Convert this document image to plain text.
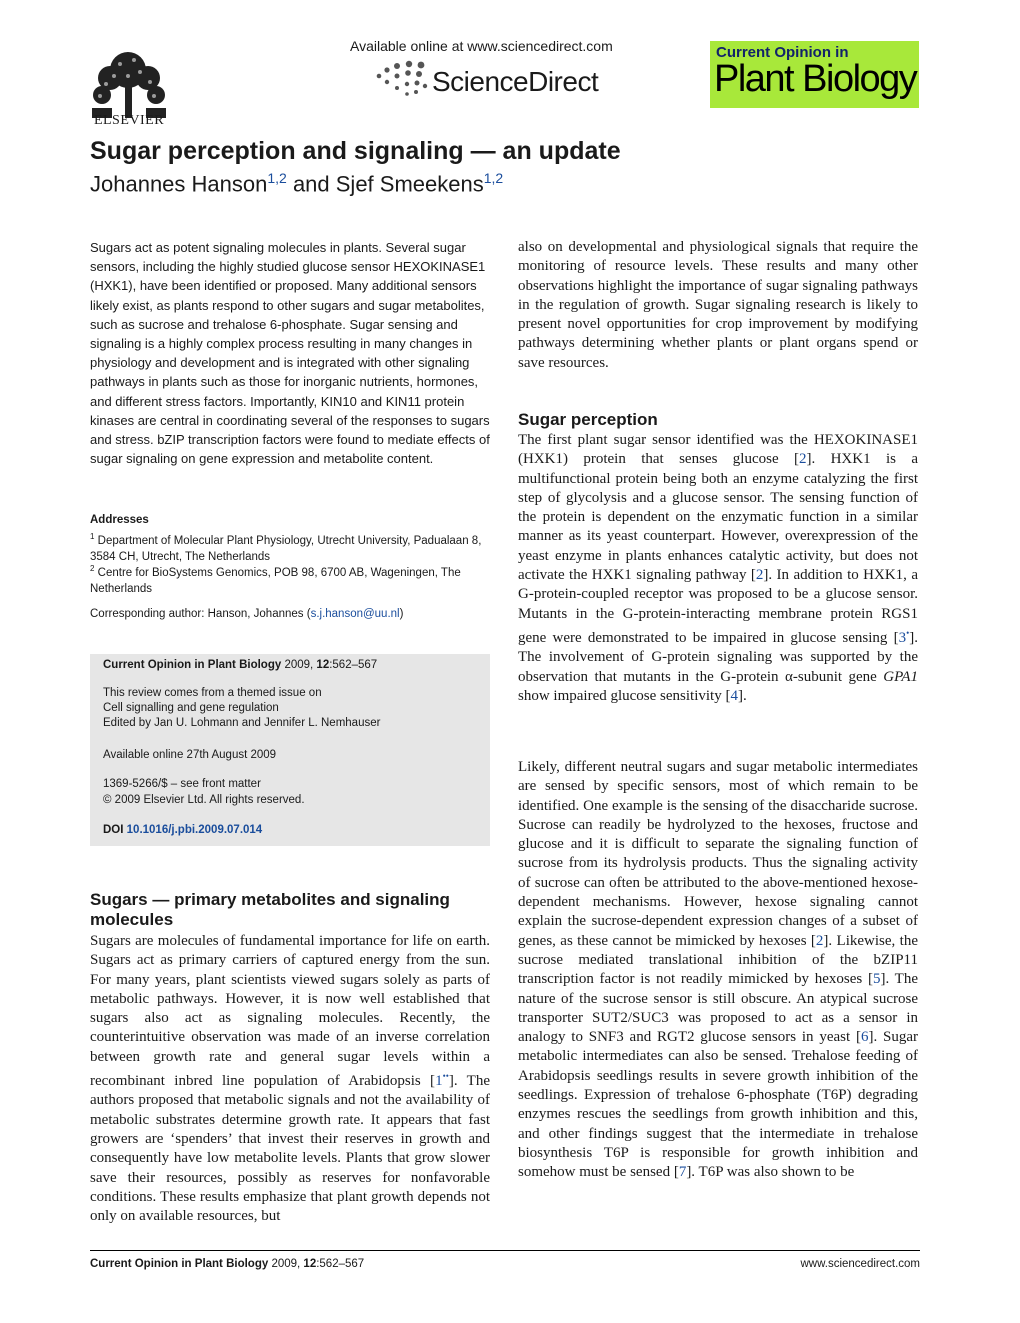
ELSEVIER
Available online at www.sciencedirect.com
ScienceDirect
Current Opinion in
Plant Biology
Sugar perception and signaling — an update
Johannes Hanson$^{1,2}$ and Sjef Smeekens$^{1,2}$
Sugars act as potent signaling molecules in plants. Several sugar sensors, including the highly studied glucose sensor HEXOKINASE1 (HXK1), have been identified or proposed. Many additional sensors likely exist, as plants respond to other sugars and sugar metabolites, such as sucrose and trehalose 6-phosphate. Sugar sensing and signaling is a highly complex process resulting in many changes in physiology and development and is integrated with other signaling pathways in plants such as those for inorganic nutrients, hormones, and different stress factors. Importantly, KIN10 and KIN11 protein kinases are central in coordinating several of the responses to sugars and stress. bZIP transcription factors were found to mediate effects of sugar signaling on gene expression and metabolite content.
Addresses
$^1$ Department of Molecular Plant Physiology, Utrecht University, Padualaan 8, 3584 CH, Utrecht, The Netherlands
$^2$ Centre for BioSystems Genomics, POB 98, 6700 AB, Wageningen, The Netherlands
Corresponding author: Hanson, Johannes (s.j.hanson@uu.nl)
Current Opinion in Plant Biology 2009, 12:562–567
This review comes from a themed issue on
Cell signalling and gene regulation
Edited by Jan U. Lohmann and Jennifer L. Nemhauser
Available online 27th August 2009
1369-5266/$ – see front matter
© 2009 Elsevier Ltd. All rights reserved.
DOI 10.1016/j.pbi.2009.07.014
Sugars — primary metabolites and signaling molecules
Sugars are molecules of fundamental importance for life on earth. Sugars act as primary carriers of captured energy from the sun. For many years, plant scientists viewed sugars solely as parts of metabolic pathways. However, it is now well established that sugars also act as signaling molecules. Recently, the counterintuitive observation was made of an inverse correlation between growth rate and general sugar levels within a recombinant inbred line population of Arabidopsis [1••]. The authors proposed that metabolic signals and not the availability of metabolic substrates determine growth rate. It appears that fast growers are ‘spenders’ that invest their reserves in growth and consequently have low metabolite levels. Plants that grow slower save their resources, possibly as reserves for nonfavorable conditions. These results emphasize that plant growth depends not only on available resources, but
also on developmental and physiological signals that require the monitoring of resource levels. These results and many other observations highlight the importance of sugar signaling pathways in the regulation of growth. Sugar signaling research is likely to present novel opportunities for crop improvement by modifying pathways determining whether plants or plant organs spend or save resources.
Sugar perception
The first plant sugar sensor identified was the HEXOKINASE1 (HXK1) protein that senses glucose [2]. HXK1 is a multifunctional protein being both an enzyme catalyzing the first step of glycolysis and a glucose sensor. The sensing function of the protein is dependent on the enzymatic function in a similar manner as its yeast counterpart. However, overexpression of the yeast enzyme in plants enhances catalytic activity, but does not activate the HXK1 signaling pathway [2]. In addition to HXK1, a G-protein-coupled receptor was proposed to be a glucose sensor. Mutants in the G-protein-interacting membrane protein RGS1 gene were demonstrated to be impaired in glucose sensing [3•]. The involvement of G-protein signaling was supported by the observation that mutants in the G-protein α-subunit gene GPA1 show impaired glucose sensitivity [4].
Likely, different neutral sugars and sugar metabolic intermediates are sensed by specific sensors, most of which remain to be identified. One example is the sensing of the disaccharide sucrose. Sucrose can readily be hydrolyzed to the hexoses, fructose and glucose and it is difficult to separate the signaling function of sucrose from its hydrolysis products. Thus the signaling activity of sucrose can often be attributed to the above-mentioned hexose-dependent mechanisms. However, hexose signaling cannot explain the sucrose-dependent expression changes of a subset of genes, as these cannot be mimicked by hexoses [2]. Likewise, the sucrose mediated translational inhibition of the bZIP11 transcription factor is not readily mimicked by hexoses [5]. The nature of the sucrose sensor is still obscure. An atypical sucrose transporter SUT2/SUC3 was proposed to act as a sensor in analogy to SNF3 and RGT2 glucose sensors in yeast [6]. Sugar metabolic intermediates can also be sensed. Trehalose feeding of Arabidopsis seedlings results in severe growth inhibition of the seedlings. Expression of trehalose 6-phosphate (T6P) degrading enzymes rescues the seedlings from growth inhibition and this, and other findings suggest that the intermediate in trehalose biosynthesis T6P is responsible for growth inhibition and somehow must be sensed [7]. T6P was also shown to be
Current Opinion in Plant Biology 2009, 12:562–567	www.sciencedirect.com
